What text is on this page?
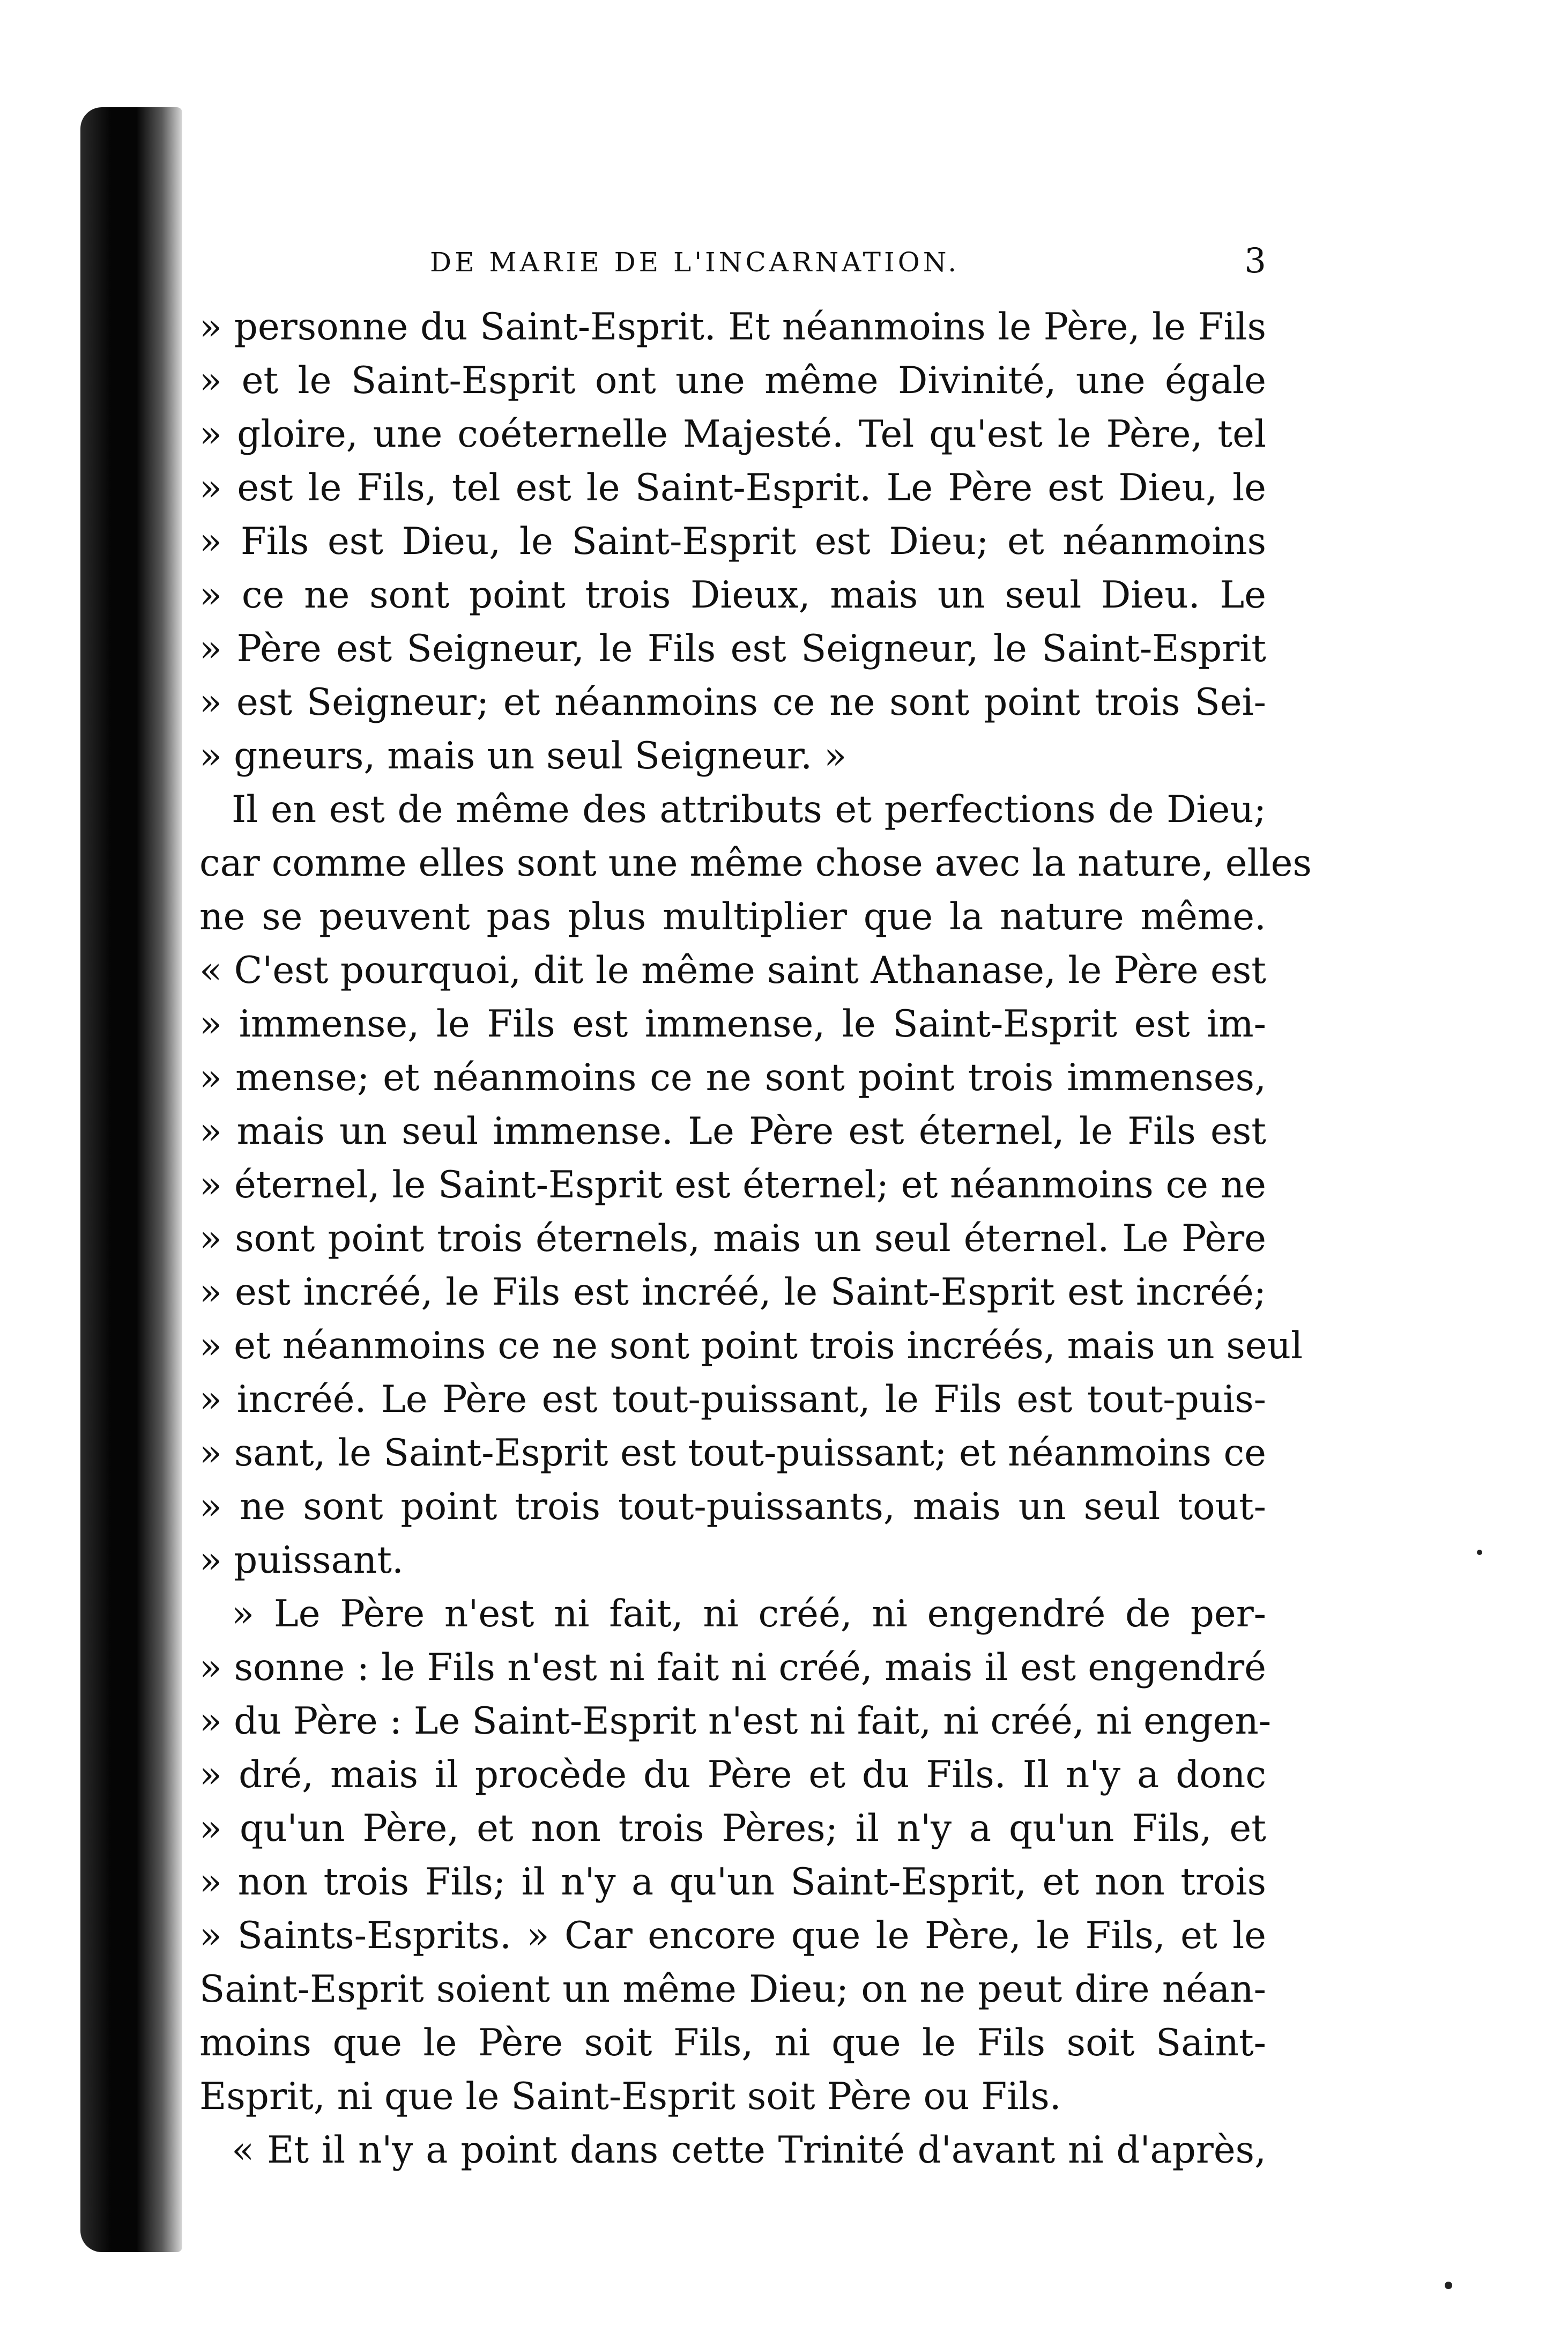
DE MARIE DE L'INCARNATION.	3
» personne du Saint-Esprit. Et néanmoins le Père, le Fils
» et le Saint-Esprit ont une même Divinité, une égale
» gloire, une coéternelle Majesté. Tel qu'est le Père, tel
» est le Fils, tel est le Saint-Esprit. Le Père est Dieu, le
» Fils est Dieu, le Saint-Esprit est Dieu; et néanmoins
» ce ne sont point trois Dieux, mais un seul Dieu. Le
» Père est Seigneur, le Fils est Seigneur, le Saint-Esprit
» est Seigneur; et néanmoins ce ne sont point trois Sei-
» gneurs, mais un seul Seigneur. »
Il en est de même des attributs et perfections de Dieu;
car comme elles sont une même chose avec la nature, elles
ne se peuvent pas plus multiplier que la nature même.
« C'est pourquoi, dit le même saint Athanase, le Père est
» immense, le Fils est immense, le Saint-Esprit est im-
» mense; et néanmoins ce ne sont point trois immenses,
» mais un seul immense. Le Père est éternel, le Fils est
» éternel, le Saint-Esprit est éternel; et néanmoins ce ne
» sont point trois éternels, mais un seul éternel. Le Père
» est incréé, le Fils est incréé, le Saint-Esprit est incréé;
» et néanmoins ce ne sont point trois incréés, mais un seul
» incréé. Le Père est tout-puissant, le Fils est tout-puis-
» sant, le Saint-Esprit est tout-puissant; et néanmoins ce
» ne sont point trois tout-puissants, mais un seul tout-
» puissant.
» Le Père n'est ni fait, ni créé, ni engendré de per-
» sonne : le Fils n'est ni fait ni créé, mais il est engendré
» du Père : Le Saint-Esprit n'est ni fait, ni créé, ni engen-
» dré, mais il procède du Père et du Fils. Il n'y a donc
» qu'un Père, et non trois Pères; il n'y a qu'un Fils, et
» non trois Fils; il n'y a qu'un Saint-Esprit, et non trois
» Saints-Esprits. » Car encore que le Père, le Fils, et le
Saint-Esprit soient un même Dieu; on ne peut dire néan-
moins que le Père soit Fils, ni que le Fils soit Saint-
Esprit, ni que le Saint-Esprit soit Père ou Fils.
« Et il n'y a point dans cette Trinité d'avant ni d'après,
